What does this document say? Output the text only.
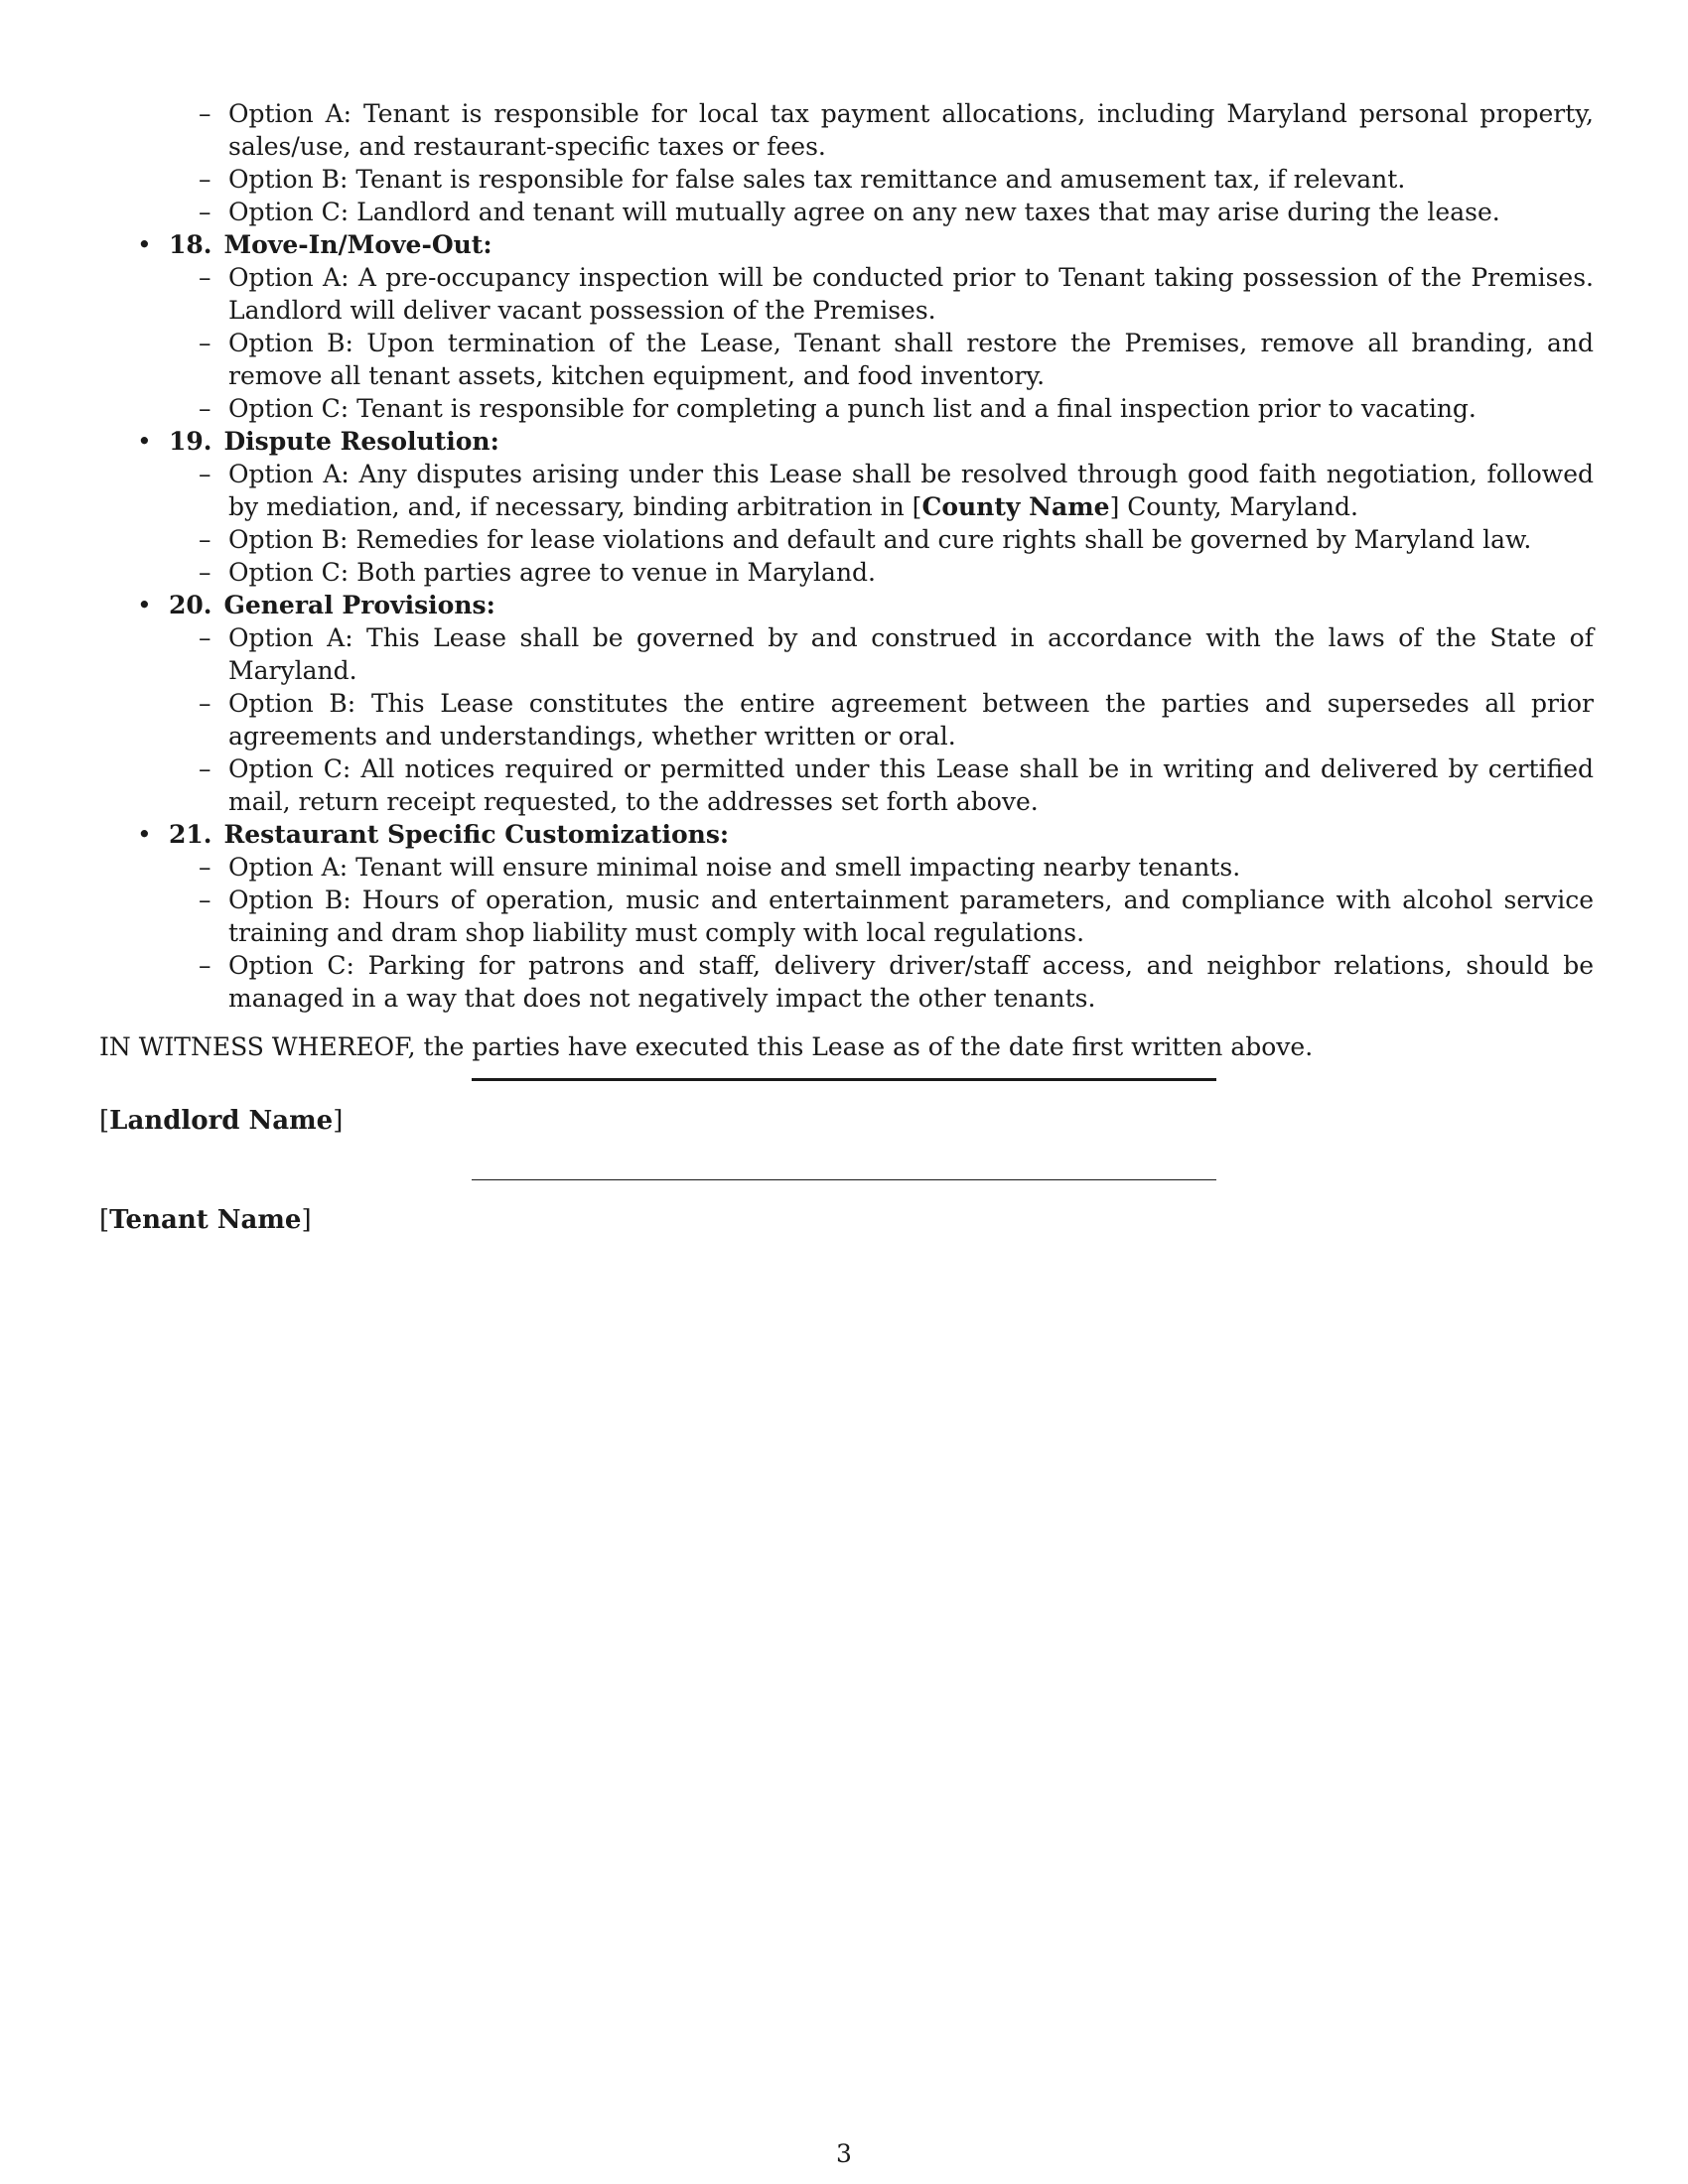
– Option A: Tenant is responsible for local tax payment allocations, including Maryland personal property, sales/use, and restaurant-specific taxes or fees.
– Option B: Tenant is responsible for false sales tax remittance and amusement tax, if relevant.
– Option C: Landlord and tenant will mutually agree on any new taxes that may arise during the lease.
• 18. Move-In/Move-Out:
– Option A: A pre-occupancy inspection will be conducted prior to Tenant taking possession of the Premises. Landlord will deliver vacant possession of the Premises.
– Option B: Upon termination of the Lease, Tenant shall restore the Premises, remove all branding, and remove all tenant assets, kitchen equipment, and food inventory.
– Option C: Tenant is responsible for completing a punch list and a final inspection prior to vacating.
• 19. Dispute Resolution:
– Option A: Any disputes arising under this Lease shall be resolved through good faith negotiation, followed by mediation, and, if necessary, binding arbitration in [County Name] County, Maryland.
– Option B: Remedies for lease violations and default and cure rights shall be governed by Maryland law.
– Option C: Both parties agree to venue in Maryland.
• 20. General Provisions:
– Option A: This Lease shall be governed by and construed in accordance with the laws of the State of Maryland.
– Option B: This Lease constitutes the entire agreement between the parties and supersedes all prior agreements and understandings, whether written or oral.
– Option C: All notices required or permitted under this Lease shall be in writing and delivered by certified mail, return receipt requested, to the addresses set forth above.
• 21. Restaurant Specific Customizations:
– Option A: Tenant will ensure minimal noise and smell impacting nearby tenants.
– Option B: Hours of operation, music and entertainment parameters, and compliance with alcohol service training and dram shop liability must comply with local regulations.
– Option C: Parking for patrons and staff, delivery driver/staff access, and neighbor relations, should be managed in a way that does not negatively impact the other tenants.
IN WITNESS WHEREOF, the parties have executed this Lease as of the date first written above.
[Landlord Name]
[Tenant Name]
3
